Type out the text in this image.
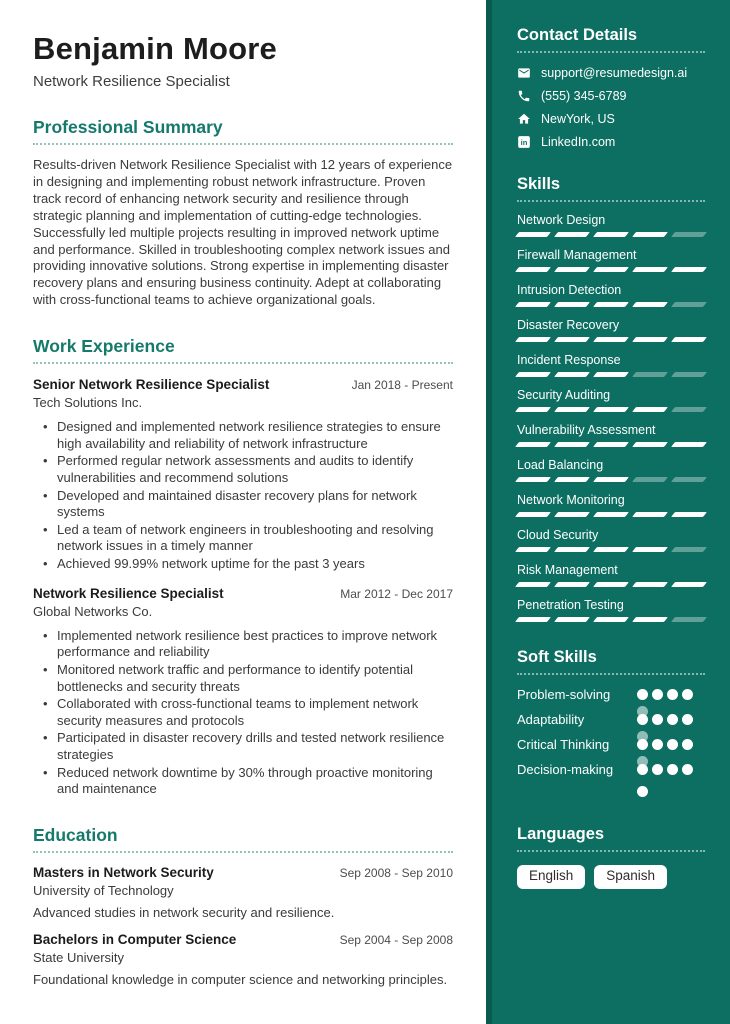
Benjamin Moore
Network Resilience Specialist
Professional Summary
Results-driven Network Resilience Specialist with 12 years of experience in designing and implementing robust network infrastructure. Proven track record of enhancing network security and resilience through strategic planning and implementation of cutting-edge technologies. Successfully led multiple projects resulting in improved network uptime and performance. Skilled in troubleshooting complex network issues and providing innovative solutions. Strong expertise in implementing disaster recovery plans and ensuring business continuity. Adept at collaborating with cross-functional teams to achieve organizational goals.
Work Experience
Senior Network Resilience Specialist	Jan 2018 - Present
Tech Solutions Inc.
• Designed and implemented network resilience strategies to ensure high availability and reliability of network infrastructure
• Performed regular network assessments and audits to identify vulnerabilities and recommend solutions
• Developed and maintained disaster recovery plans for network systems
• Led a team of network engineers in troubleshooting and resolving network issues in a timely manner
• Achieved 99.99% network uptime for the past 3 years
Network Resilience Specialist	Mar 2012 - Dec 2017
Global Networks Co.
• Implemented network resilience best practices to improve network performance and reliability
• Monitored network traffic and performance to identify potential bottlenecks and security threats
• Collaborated with cross-functional teams to implement network security measures and protocols
• Participated in disaster recovery drills and tested network resilience strategies
• Reduced network downtime by 30% through proactive monitoring and maintenance
Education
Masters in Network Security	Sep 2008 - Sep 2010
University of Technology
Advanced studies in network security and resilience.
Bachelors in Computer Science	Sep 2004 - Sep 2008
State University
Foundational knowledge in computer science and networking principles.
Contact Details
support@resumedesign.ai
(555) 345-6789
NewYork, US
in LinkedIn.com
Skills
Network Design
Firewall Management
Intrusion Detection
Disaster Recovery
Incident Response
Security Auditing
Vulnerability Assessment
Load Balancing
Network Monitoring
Cloud Security
Risk Management
Penetration Testing
Soft Skills
Problem-solving
Adaptability
Critical Thinking
Decision-making
Languages
English	Spanish
